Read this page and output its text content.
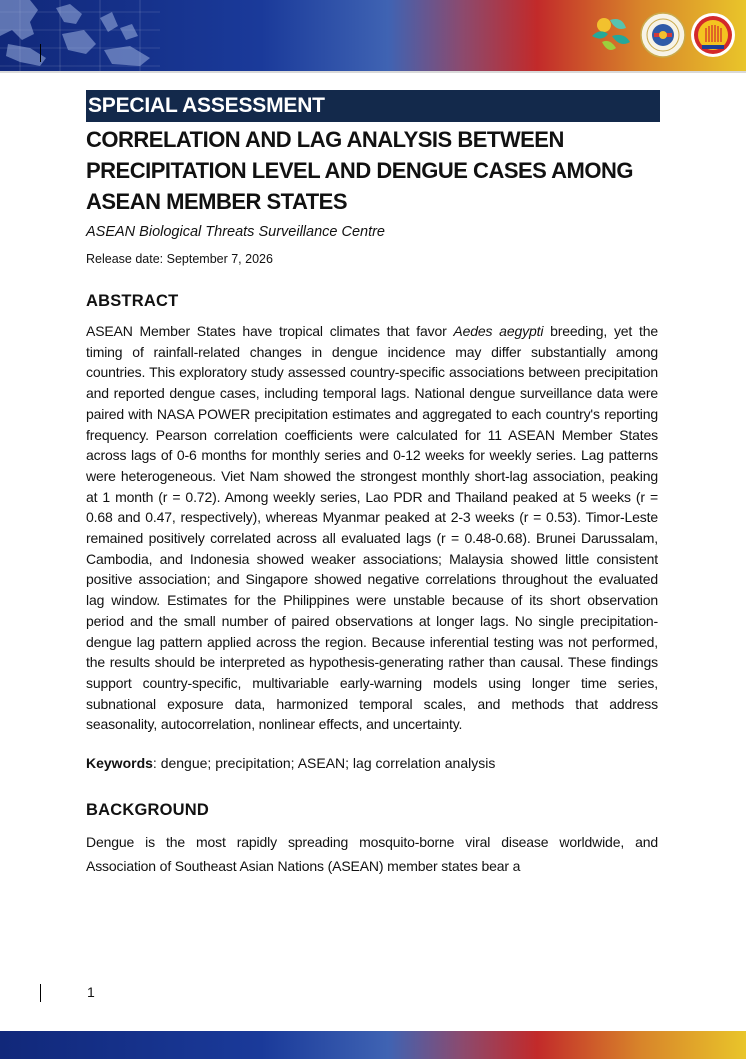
SPECIAL ASSESSMENT
CORRELATION AND LAG ANALYSIS BETWEEN PRECIPITATION LEVEL AND DENGUE CASES AMONG ASEAN MEMBER STATES
ASEAN Biological Threats Surveillance Centre
Release date: September 7, 2026
ABSTRACT
ASEAN Member States have tropical climates that favor Aedes aegypti breeding, yet the timing of rainfall-related changes in dengue incidence may differ substantially among countries. This exploratory study assessed country-specific associations between precipitation and reported dengue cases, including temporal lags. National dengue surveillance data were paired with NASA POWER precipitation estimates and aggregated to each country's reporting frequency. Pearson correlation coefficients were calculated for 11 ASEAN Member States across lags of 0-6 months for monthly series and 0-12 weeks for weekly series. Lag patterns were heterogeneous. Viet Nam showed the strongest monthly short-lag association, peaking at 1 month (r = 0.72). Among weekly series, Lao PDR and Thailand peaked at 5 weeks (r = 0.68 and 0.47, respectively), whereas Myanmar peaked at 2-3 weeks (r = 0.53). Timor-Leste remained positively correlated across all evaluated lags (r = 0.48-0.68). Brunei Darussalam, Cambodia, and Indonesia showed weaker associations; Malaysia showed little consistent positive association; and Singapore showed negative correlations throughout the evaluated lag window. Estimates for the Philippines were unstable because of its short observation period and the small number of paired observations at longer lags. No single precipitation-dengue lag pattern applied across the region. Because inferential testing was not performed, the results should be interpreted as hypothesis-generating rather than causal. These findings support country-specific, multivariable early-warning models using longer time series, subnational exposure data, harmonized temporal scales, and methods that address seasonality, autocorrelation, nonlinear effects, and uncertainty.
Keywords: dengue; precipitation; ASEAN; lag correlation analysis
BACKGROUND
Dengue is the most rapidly spreading mosquito-borne viral disease worldwide, and Association of Southeast Asian Nations (ASEAN) member states bear a
1
